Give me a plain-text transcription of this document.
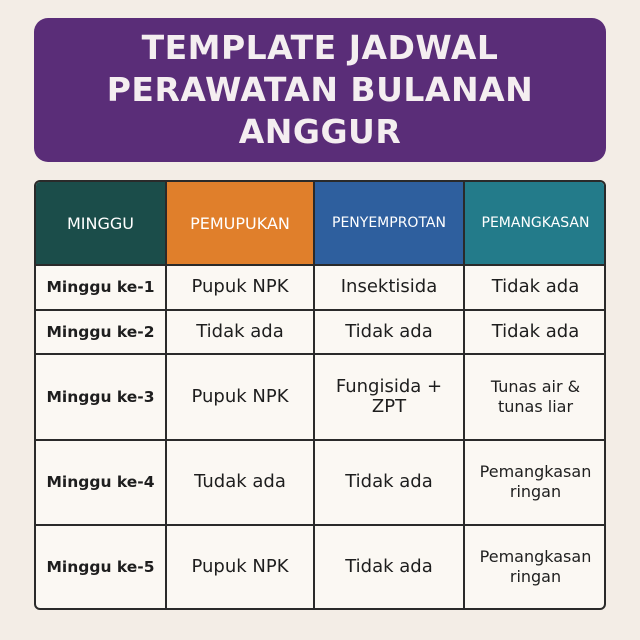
TEMPLATE JADWAL PERAWATAN BULANAN ANGGUR
MINGGU	PEMUPUKAN	PENYEMPROTAN	PEMANGKASAN
Minggu ke-1	Pupuk NPK	Insektisida	Tidak ada
Minggu ke-2	Tidak ada	Tidak ada	Tidak ada
Minggu ke-3	Pupuk NPK	Fungisida + ZPT	Tunas air & tunas liar
Minggu ke-4	Tudak ada	Tidak ada	Pemangkasan ringan
Minggu ke-5	Pupuk NPK	Tidak ada	Pemangkasan ringan
